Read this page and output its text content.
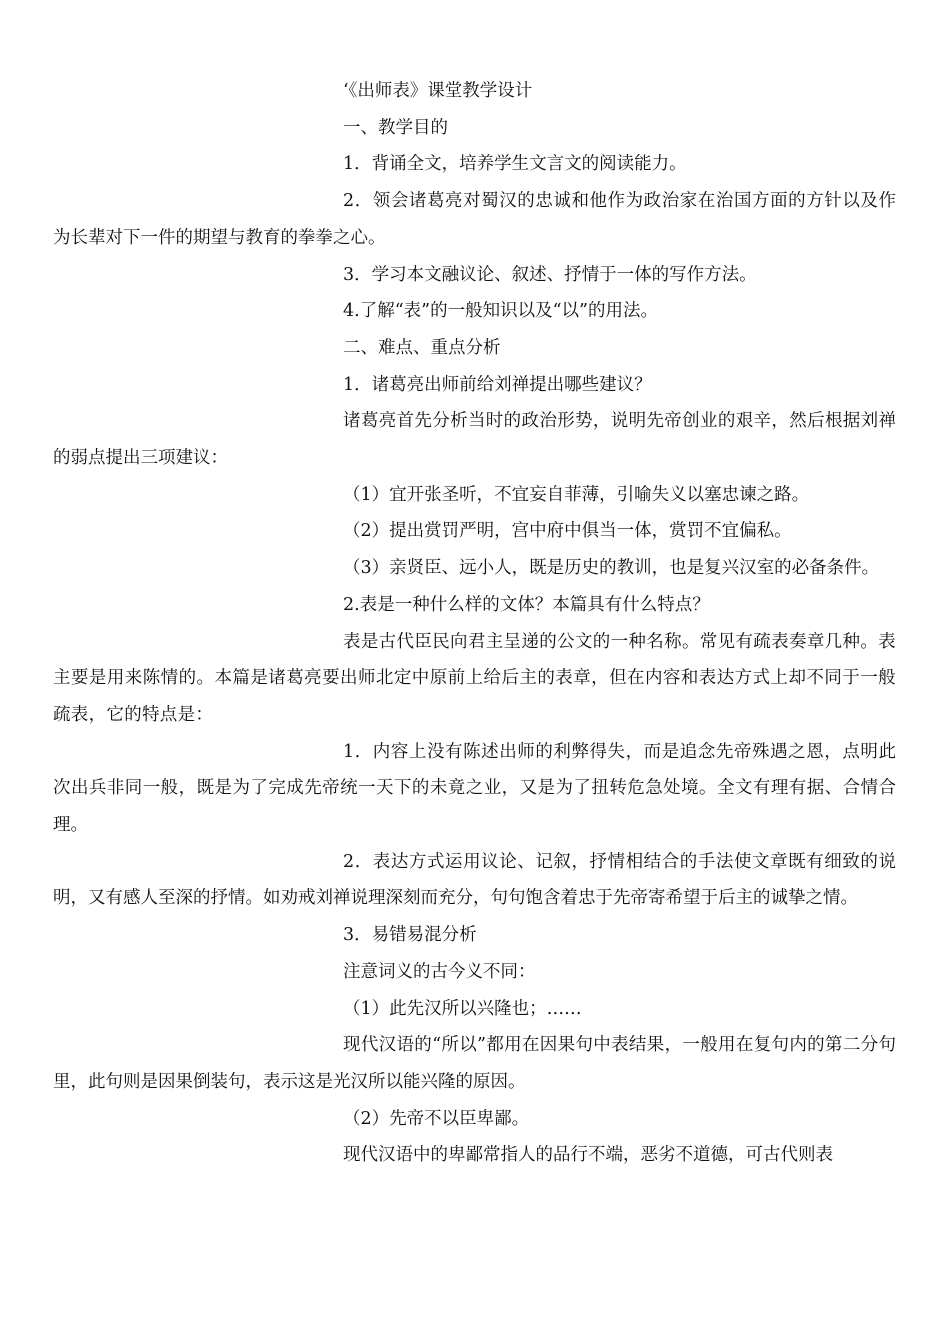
‘《出师表》课堂教学设计

一、教学目的

1．背诵全文，培养学生文言文的阅读能力。

2．领会诸葛亮对蜀汉的忠诚和他作为政治家在治国方面的方针以及作为长辈对下一件的期望与教育的拳拳之心。

3．学习本文融议论、叙述、抒情于一体的写作方法。

4.了解“表”的一般知识以及“以”的用法。

二、难点、重点分析

1．诸葛亮出师前给刘禅提出哪些建议？

诸葛亮首先分析当时的政治形势，说明先帝创业的艰辛，然后根据刘禅的弱点提出三项建议：

（1）宜开张圣听，不宜妄自菲薄，引喻失义以塞忠谏之路。

（2）提出赏罚严明，宫中府中俱当一体，赏罚不宜偏私。

（3）亲贤臣、远小人，既是历史的教训，也是复兴汉室的必备条件。

2.表是一种什么样的文体？本篇具有什么特点？

表是古代臣民向君主呈递的公文的一种名称。常见有疏表奏章几种。表主要是用来陈情的。本篇是诸葛亮要出师北定中原前上给后主的表章，但在内容和表达方式上却不同于一般疏表，它的特点是：

1．内容上没有陈述出师的利弊得失，而是追念先帝殊遇之恩，点明此次出兵非同一般，既是为了完成先帝统一天下的未竟之业，又是为了扭转危急处境。全文有理有据、合情合理。

2．表达方式运用议论、记叙，抒情相结合的手法使文章既有细致的说明，又有感人至深的抒情。如劝戒刘禅说理深刻而充分，句句饱含着忠于先帝寄希望于后主的诚挚之情。

3．易错易混分析

注意词义的古今义不同：

（1）此先汉所以兴隆也；……

现代汉语的“所以”都用在因果句中表结果，一般用在复句内的第二分句里，此句则是因果倒装句，表示这是光汉所以能兴隆的原因。

（2）先帝不以臣卑鄙。

现代汉语中的卑鄙常指人的品行不端，恶劣不道德，可古代则表
